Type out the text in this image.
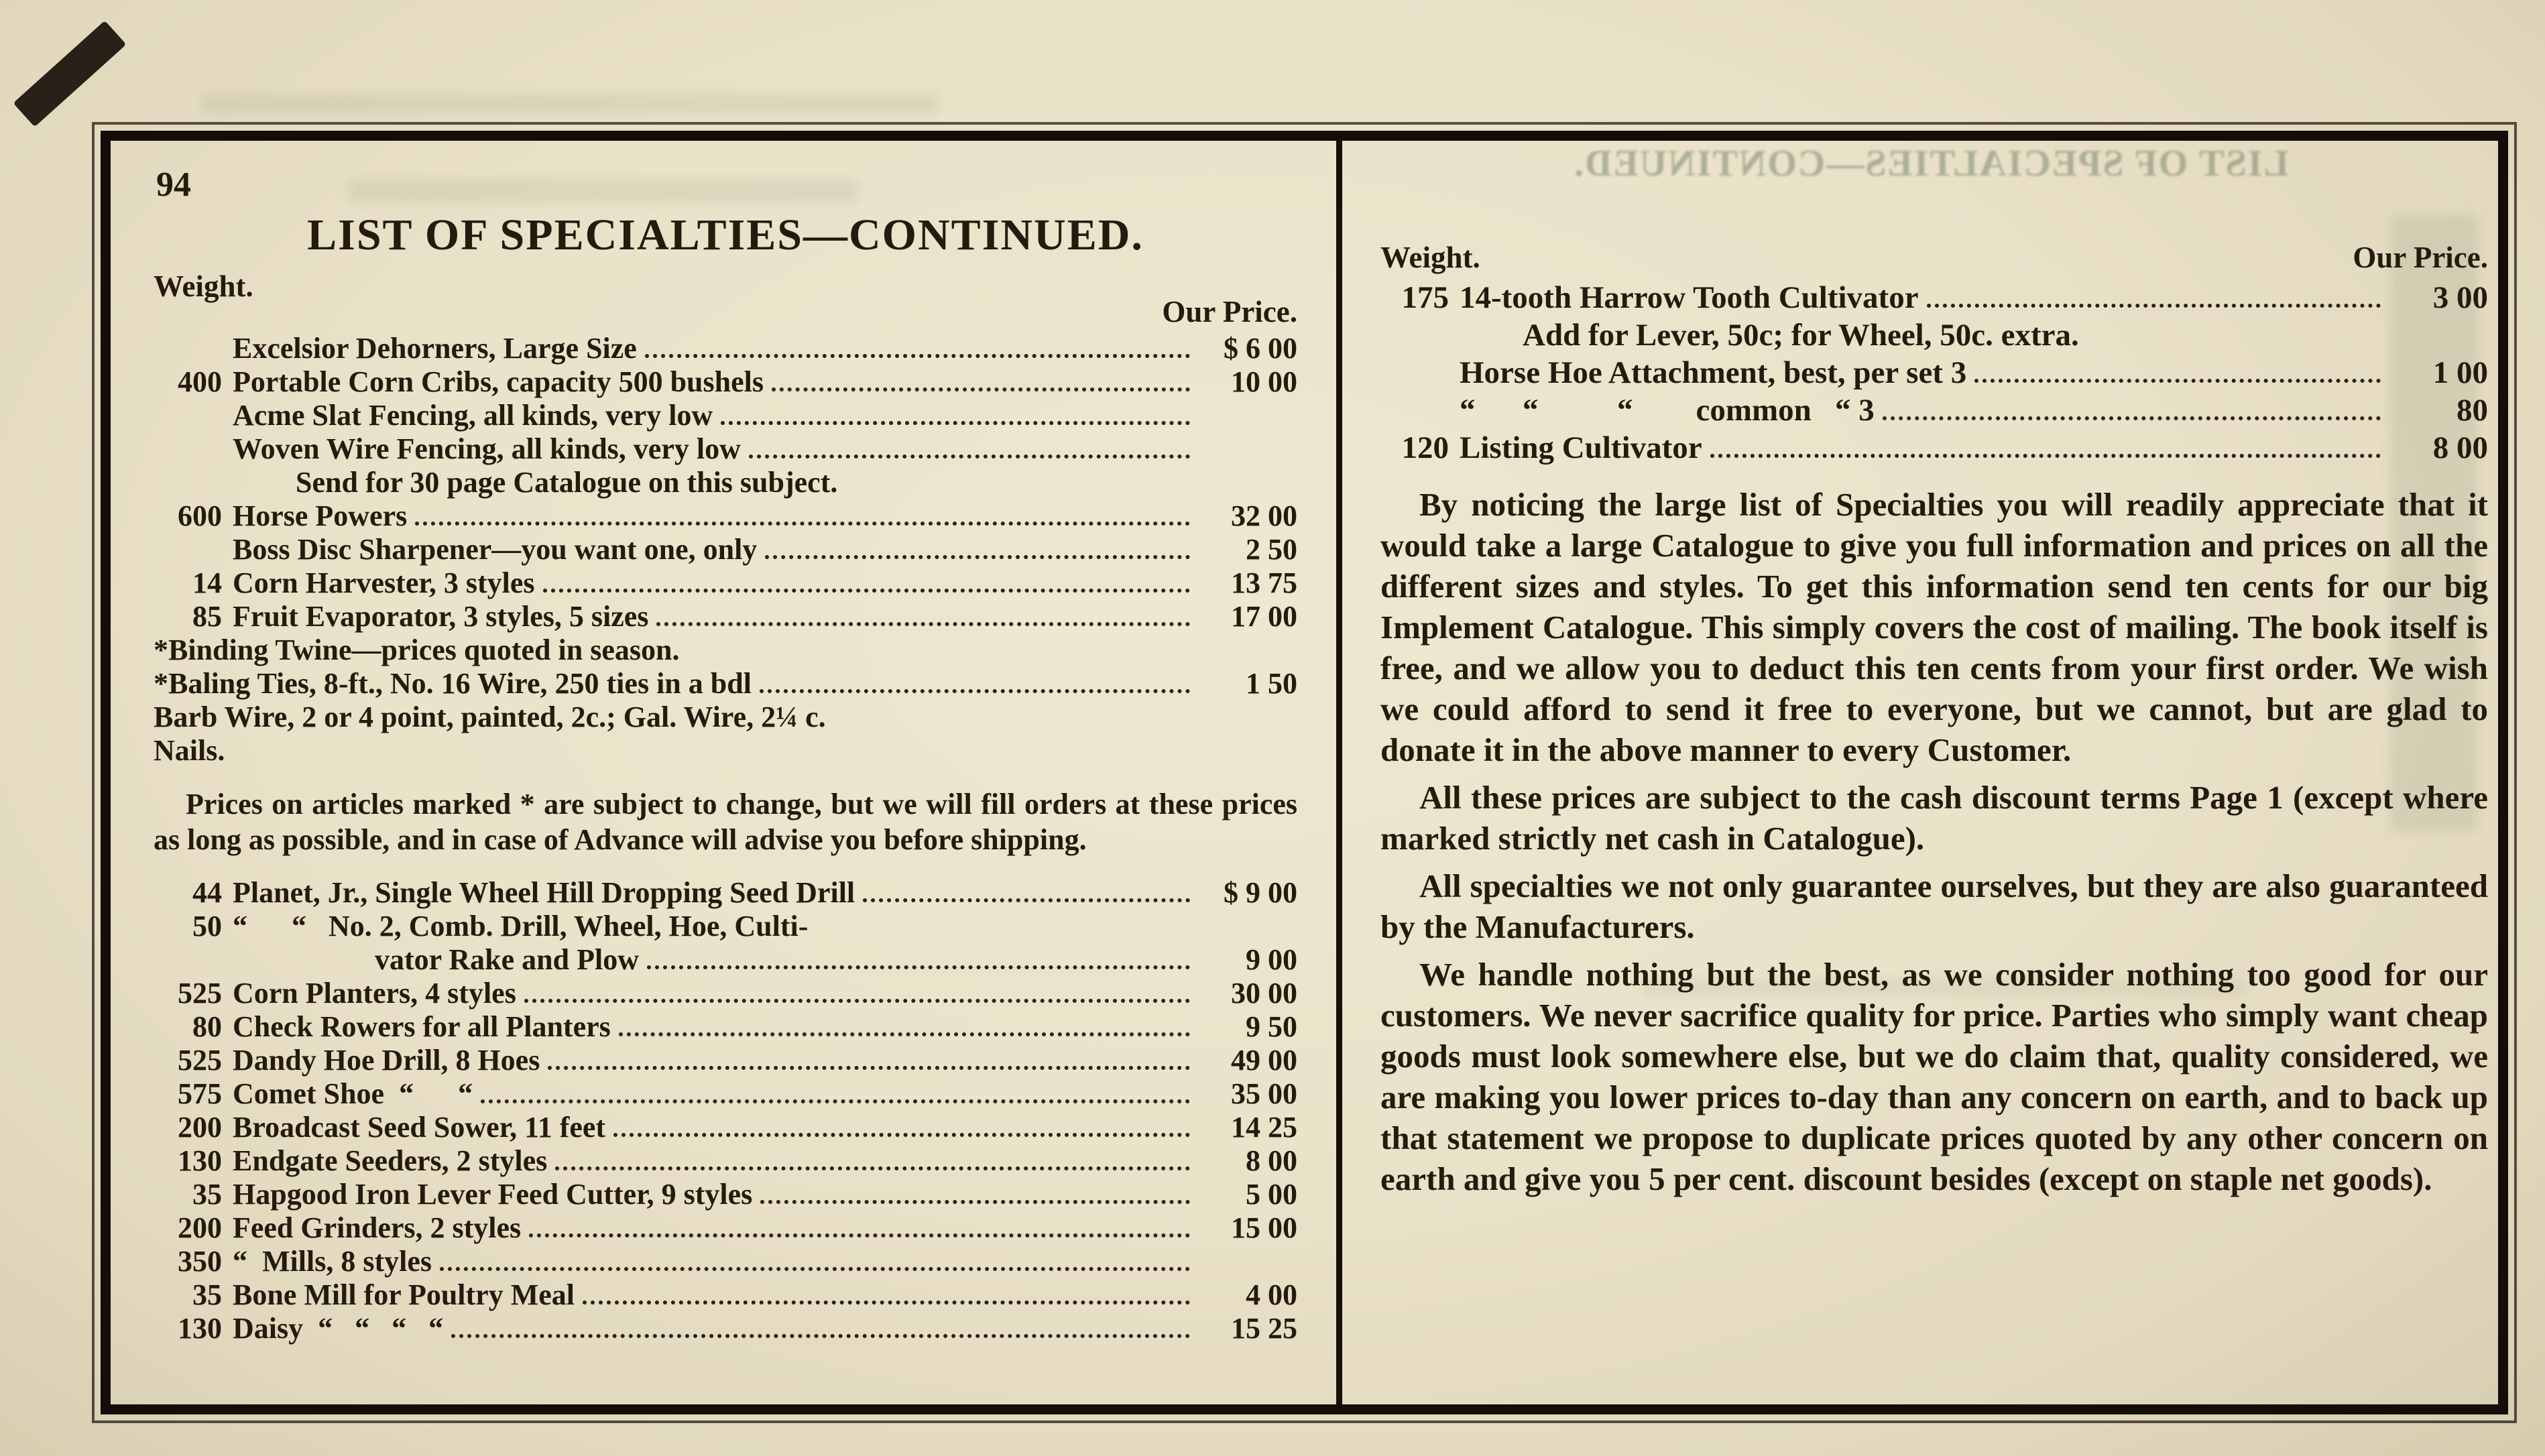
LIST OF SPECIALTIES—CONTINUED.
94
LIST OF SPECIALTIES—CONTINUED.
Weight.
Our Price.
Excelsior Dehorners, Large Size	$ 6 00
400 Portable Corn Cribs, capacity 500 bushels	10 00
Acme Slat Fencing, all kinds, very low
Woven Wire Fencing, all kinds, very low
Send for 30 page Catalogue on this subject.
600 Horse Powers	32 00
Boss Disc Sharpener—you want one, only	2 50
14 Corn Harvester, 3 styles	13 75
85 Fruit Evaporator, 3 styles, 5 sizes	17 00
*Binding Twine—prices quoted in season.
*Baling Ties, 8-ft., No. 16 Wire, 250 ties in a bdl	1 50
Barb Wire, 2 or 4 point, painted, 2c.; Gal. Wire, 2¼ c.
Nails.
Prices on articles marked * are subject to change, but we will fill orders at these prices as long as possible, and in case of Advance will advise you before shipping.
44 Planet, Jr., Single Wheel Hill Dropping Seed Drill	$ 9 00
50 “      “   No. 2, Comb. Drill, Wheel, Hoe, Culti-
vator Rake and Plow	9 00
525 Corn Planters, 4 styles	30 00
80 Check Rowers for all Planters	9 50
525 Dandy Hoe Drill, 8 Hoes	49 00
575 Comet Shoe  “      “	35 00
200 Broadcast Seed Sower, 11 feet	14 25
130 Endgate Seeders, 2 styles	8 00
35 Hapgood Iron Lever Feed Cutter, 9 styles	5 00
200 Feed Grinders, 2 styles	15 00
350 “  Mills, 8 styles
35 Bone Mill for Poultry Meal	4 00
130 Daisy  “   “   “   “	15 25
Weight.	Our Price.
175 14-tooth Harrow Tooth Cultivator	3 00
Add for Lever, 50c; for Wheel, 50c. extra.
Horse Hoe Attachment, best, per set 3	1 00
“      “          “        common   “ 3	80
120 Listing Cultivator	8 00

By noticing the large list of Specialties you will readily appreciate that it would take a large Catalogue to give you full information and prices on all the different sizes and styles. To get this information send ten cents for our big Implement Catalogue. This simply covers the cost of mailing. The book itself is free, and we allow you to deduct this ten cents from your first order. We wish we could afford to send it free to everyone, but we cannot, but are glad to donate it in the above manner to every Customer.

All these prices are subject to the cash discount terms Page 1 (except where marked strictly net cash in Catalogue).

All specialties we not only guarantee ourselves, but they are also guaranteed by the Manufacturers.

We handle nothing but the best, as we consider nothing too good for our customers. We never sacrifice quality for price. Parties who simply want cheap goods must look somewhere else, but we do claim that, quality considered, we are making you lower prices to-day than any concern on earth, and to back up that statement we propose to duplicate prices quoted by any other concern on earth and give you 5 per cent. discount besides (except on staple net goods).
